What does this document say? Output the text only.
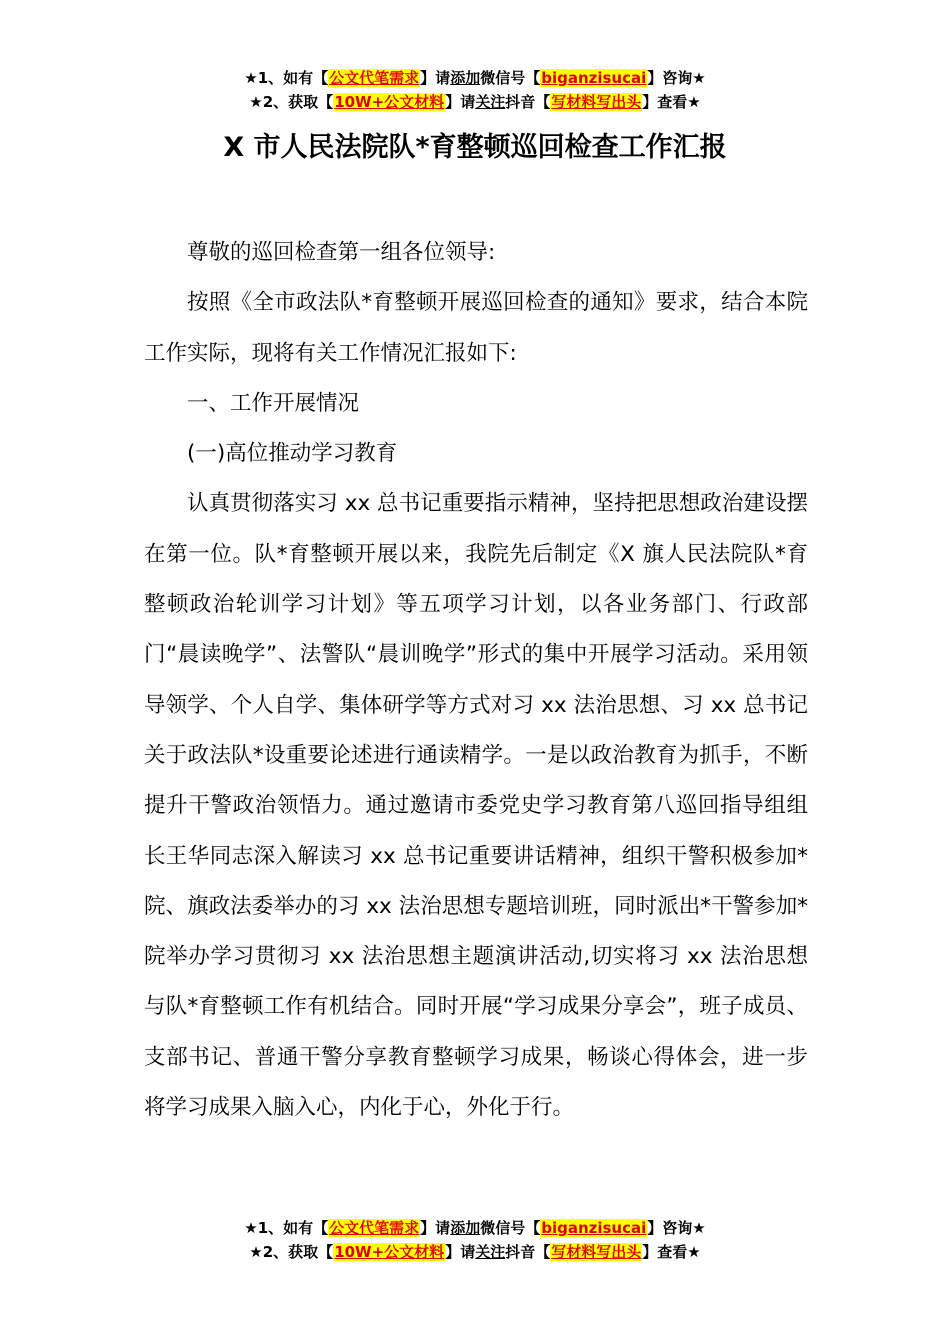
★1、如有【公文代笔需求】请添加微信号【biganzisucai】咨询★
★2、获取【10W+公文材料】请关注抖音【写材料写出头】查看★
X 市人民法院队*育整顿巡回检查工作汇报

尊敬的巡回检查第一组各位领导:

按照《全市政法队*育整顿开展巡回检查的通知》要求，结合本院工作实际，现将有关工作情况汇报如下:

一、工作开展情况

(一)高位推动学习教育

认真贯彻落实习 xx 总书记重要指示精神，坚持把思想政治建设摆在第一位。队*育整顿开展以来，我院先后制定《X 旗人民法院队*育整顿政治轮训学习计划》等五项学习计划，以各业务部门、行政部门“晨读晚学”、法警队“晨训晚学”形式的集中开展学习活动。采用领导领学、个人自学、集体研学等方式对习 xx 法治思想、习 xx 总书记关于政法队*设重要论述进行通读精学。一是以政治教育为抓手，不断提升干警政治领悟力。通过邀请市委党史学习教育第八巡回指导组组长王华同志深入解读习 xx 总书记重要讲话精神，组织干警积极参加*院、旗政法委举办的习 xx 法治思想专题培训班，同时派出*干警参加*院举办学习贯彻习 xx 法治思想主题演讲活动,切实将习 xx 法治思想与队*育整顿工作有机结合。同时开展“学习成果分享会”，班子成员、支部书记、普通干警分享教育整顿学习成果，畅谈心得体会，进一步将学习成果入脑入心，内化于心，外化于行。

★1、如有【公文代笔需求】请添加微信号【biganzisucai】咨询★
★2、获取【10W+公文材料】请关注抖音【写材料写出头】查看★
